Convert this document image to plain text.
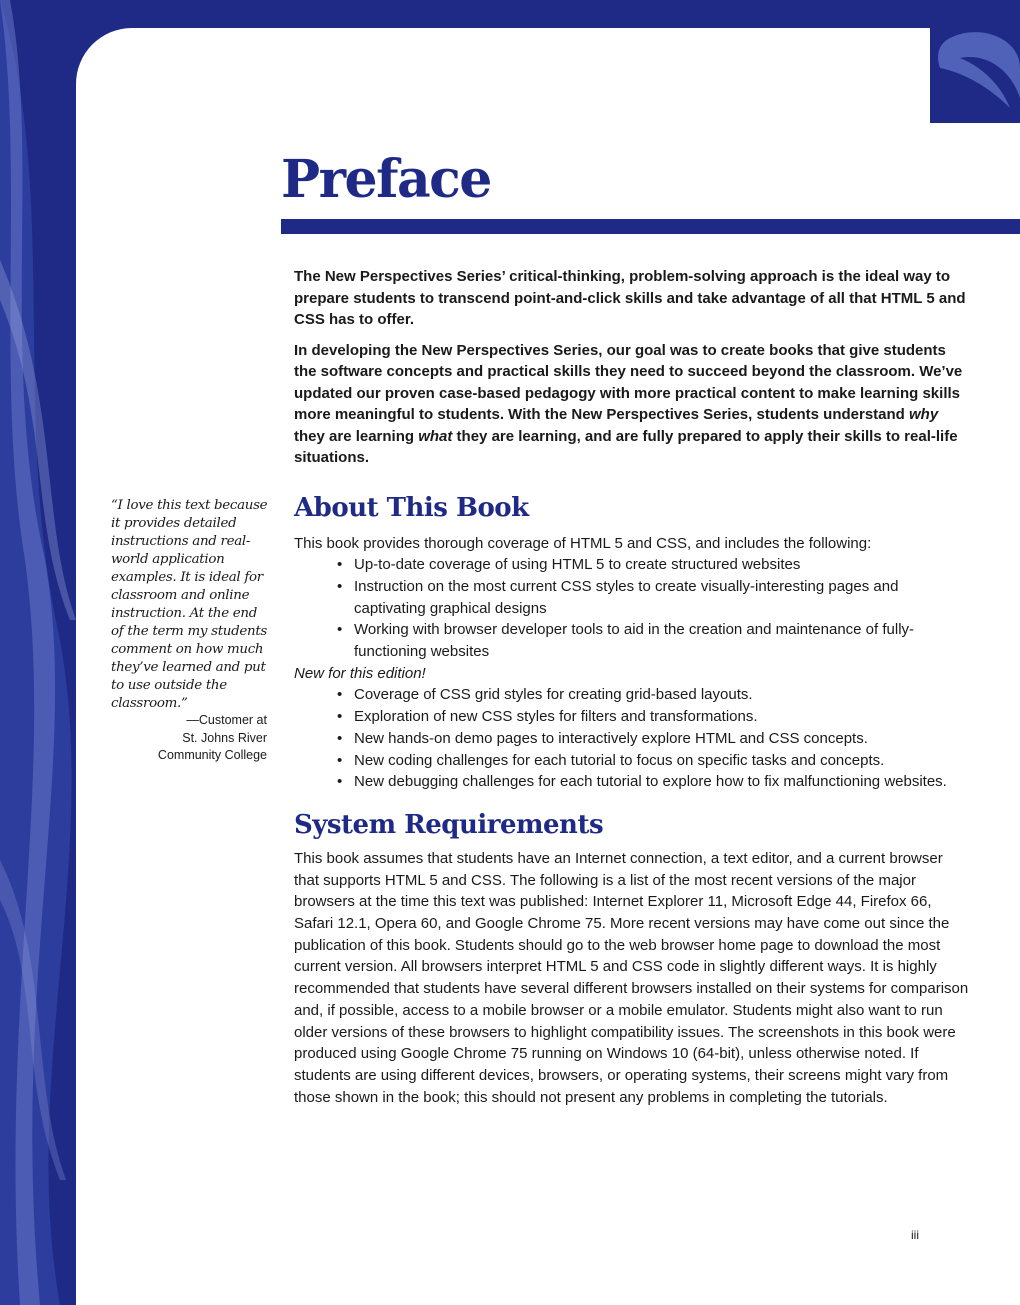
Preface

The New Perspectives Series’ critical-thinking, problem-solving approach is the ideal way to prepare students to transcend point-and-click skills and take advantage of all that HTML 5 and CSS has to offer.

In developing the New Perspectives Series, our goal was to create books that give students the software concepts and practical skills they need to succeed beyond the classroom. We’ve updated our proven case-based pedagogy with more practical content to make learning skills more meaningful to students. With the New Perspectives Series, students understand why they are learning what they are learning, and are fully prepared to apply their skills to real-life situations.

About This Book

This book provides thorough coverage of HTML 5 and CSS, and includes the following:

• Up-to-date coverage of using HTML 5 to create structured websites
• Instruction on the most current CSS styles to create visually-interesting pages and captivating graphical designs
• Working with browser developer tools to aid in the creation and maintenance of fully-functioning websites

New for this edition!

• Coverage of CSS grid styles for creating grid-based layouts.
• Exploration of new CSS styles for filters and transformations.
• New hands-on demo pages to interactively explore HTML and CSS concepts.
• New coding challenges for each tutorial to focus on specific tasks and concepts.
• New debugging challenges for each tutorial to explore how to fix malfunctioning websites.
System Requirements

This book assumes that students have an Internet connection, a text editor, and a current browser that supports HTML 5 and CSS. The following is a list of the most recent versions of the major browsers at the time this text was published: Internet Explorer 11, Microsoft Edge 44, Firefox 66, Safari 12.1, Opera 60, and Google Chrome 75. More recent versions may have come out since the publication of this book. Students should go to the web browser home page to download the most current version. All browsers interpret HTML 5 and CSS code in slightly different ways. It is highly recommended that students have several different browsers installed on their systems for comparison and, if possible, access to a mobile browser or a mobile emulator. Students might also want to run older versions of these browsers to highlight compatibility issues. The screenshots in this book were produced using Google Chrome 75 running on Windows 10 (64-bit), unless otherwise noted. If students are using different devices, browsers, or operating systems, their screens might vary from those shown in the book; this should not present any problems in completing the tutorials.

“I love this text because it provides detailed instructions and real-world application examples. It is ideal for classroom and online instruction. At the end of the term my students comment on how much they’ve learned and put to use outside the classroom.”

—Customer at
St. Johns River
Community College
iii
